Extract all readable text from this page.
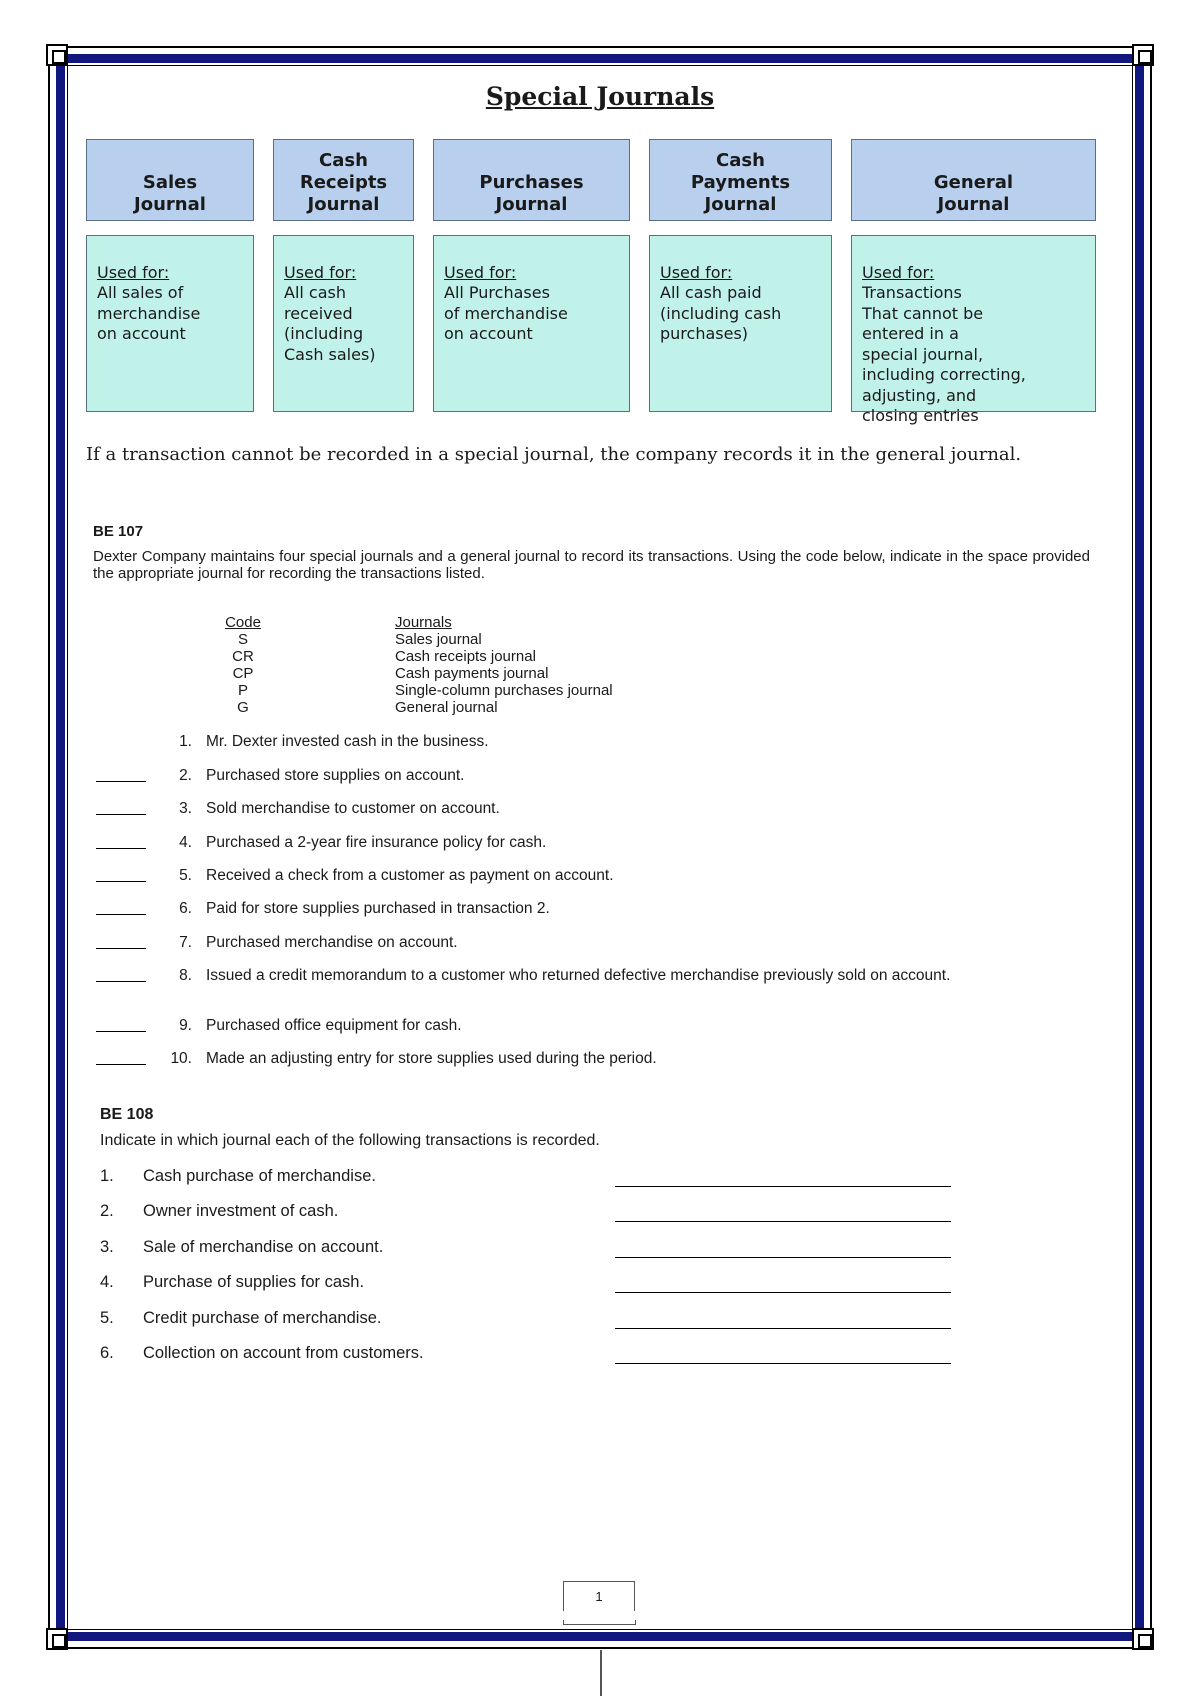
Special Journals
Sales
Journal
Cash
Receipts
Journal
Purchases
Journal
Cash
Payments
Journal
General
Journal

Used for:
All sales of
merchandise
on account

Used for:
All cash
received
(including
Cash sales)

Used for:
All Purchases
of merchandise
on account

Used for:
All cash paid
(including cash
purchases)

Used for:
Transactions
That cannot be
entered in a
special journal,
including correcting,
adjusting, and
closing entries

If a transaction cannot be recorded in a special journal, the company records it in the general journal.
BE 107
Dexter Company maintains four special journals and a general journal to record its transactions. Using the code below, indicate in the space provided the appropriate journal for recording the transactions listed.
Code	Journals
S	Sales journal
CR	Cash receipts journal
CP	Cash payments journal
P	Single-column purchases journal
G	General journal
1. Mr. Dexter invested cash in the business.
2. Purchased store supplies on account.
3. Sold merchandise to customer on account.
4. Purchased a 2-year fire insurance policy for cash.
5. Received a check from a customer as payment on account.
6. Paid for store supplies purchased in transaction 2.
7. Purchased merchandise on account.
8. Issued a credit memorandum to a customer who returned defective merchandise previously sold on account.
9. Purchased office equipment for cash.
10. Made an adjusting entry for store supplies used during the period.
BE 108
Indicate in which journal each of the following transactions is recorded.
1. Cash purchase of merchandise.
2. Owner investment of cash.
3. Sale of merchandise on account.
4. Purchase of supplies for cash.
5. Credit purchase of merchandise.
6. Collection on account from customers.
1
